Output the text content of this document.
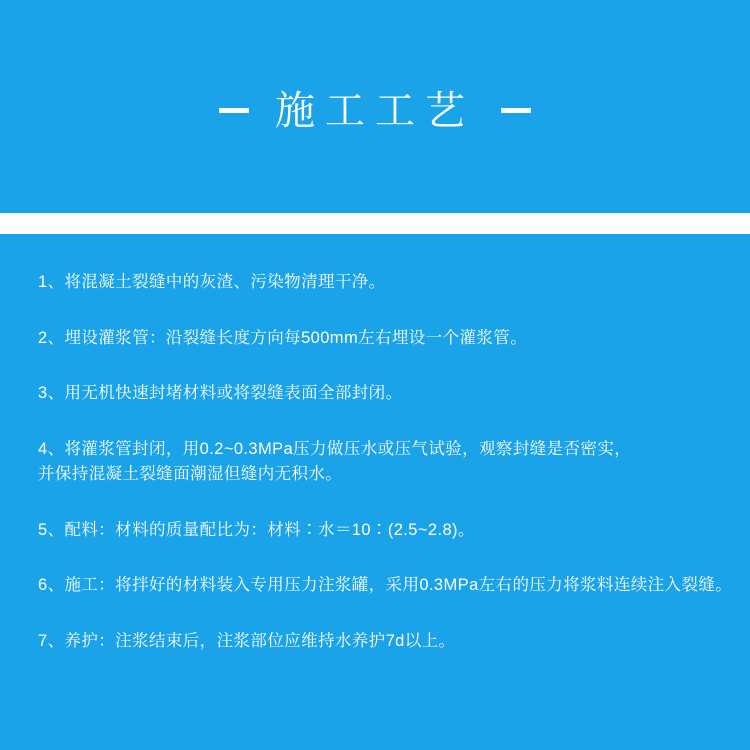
施工工艺

1、将混凝土裂缝中的灰渣、污染物清理干净。

2、埋设灌浆管：沿裂缝长度方向每500mm左右埋设一个灌浆管。

3、用无机快速封堵材料或将裂缝表面全部封闭。

4、将灌浆管封闭，用0.2~0.3MPa压力做压水或压气试验，观察封缝是否密实，
并保持混凝土裂缝面潮湿但缝内无积水。

5、配料：材料的质量配比为：材料∶水＝10∶(2.5~2.8)。

6、施工：将拌好的材料装入专用压力注浆罐，采用0.3MPa左右的压力将浆料连续注入裂缝。

7、养护：注浆结束后，注浆部位应维持水养护7d以上。
